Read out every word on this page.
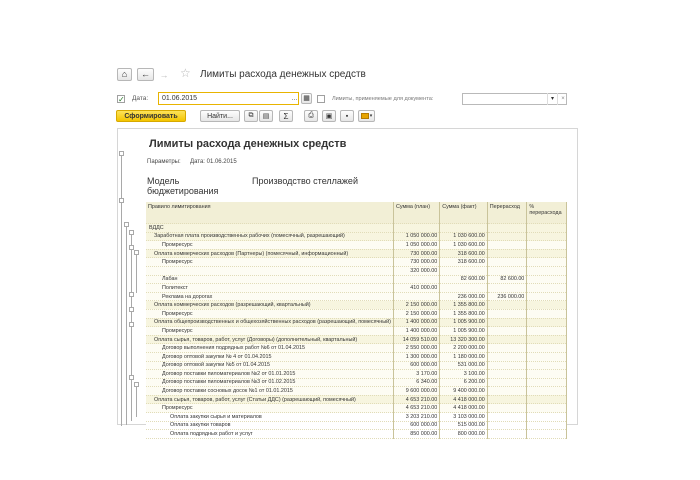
⌂ ← → ☆ Лимиты расхода денежных средств
✓ Дата: 01.06.2015	… ▦	Лимиты, применяемые для документа:	▾	×
Сформировать	Найти... ⧉ ▤ Σ	⎙ ▣ ▪	▾
Лимиты расхода денежных средств
Параметры: Дата: 01.06.2015
Модель бюджетирования
Производство стеллажей
Правило лимитирования	Сумма (план)	Сумма (факт)	Перерасход	% перерасхода
ВДДС				
Заработная плата производственных рабочих (помесячный, разрешающий)	1 050 000.00	1 030 600.00		
Промресурс	1 050 000.00	1 030 600.00		
Оплата коммерческих расходов (Партнеры) (помесячный, информационный)	730 000.00	318 600.00		
Промресурс	730 000.00	318 600.00		
	320 000.00			
Лабан		82 600.00	82 600.00	
Политекст	410 000.00			
Реклама на дорогах		236 000.00	236 000.00	
Оплата коммерческих расходов (разрешающий, квартальный)	2 150 000.00	1 355 800.00		
Промресурс	2 150 000.00	1 355 800.00		
Оплата общепроизводственных и общехозяйственных расходов (разрешающий, помесячный)	1 400 000.00	1 005 900.00		
Промресурс	1 400 000.00	1 005 900.00		
Оплата сырья, товаров, работ, услуг (Договоры) (дополнительный, квартальный)	14 059 510.00	13 320 300.00		
Договор выполнения подрядных работ №6 от 01.04.2015	2 550 000.00	2 200 000.00		
Договор оптовой закупки № 4 от 01.04.2015	1 300 000.00	1 180 000.00		
Договор оптовой закупки №5 от 01.04.2015	600 000.00	531 000.00		
Договор поставки пиломатериалов №2 от 01.01.2015	3 170.00	3 100.00		
Договор поставки пиломатериалов №3 от 01.02.2015	6 340.00	6 200.00		
Договор поставки сосновых досок №1 от 01.01.2015	9 600 000.00	9 400 000.00		
Оплата сырья, товаров, работ, услуг (Статьи ДДС) (разрешающий, помесячный)	4 653 210.00	4 418 000.00		
Промресурс	4 653 210.00	4 418 000.00		
Оплата закупки сырья и материалов	3 203 210.00	3 103 000.00		
Оплата закупки товаров	600 000.00	515 000.00		
Оплата подрядных работ и услуг	850 000.00	800 000.00		
